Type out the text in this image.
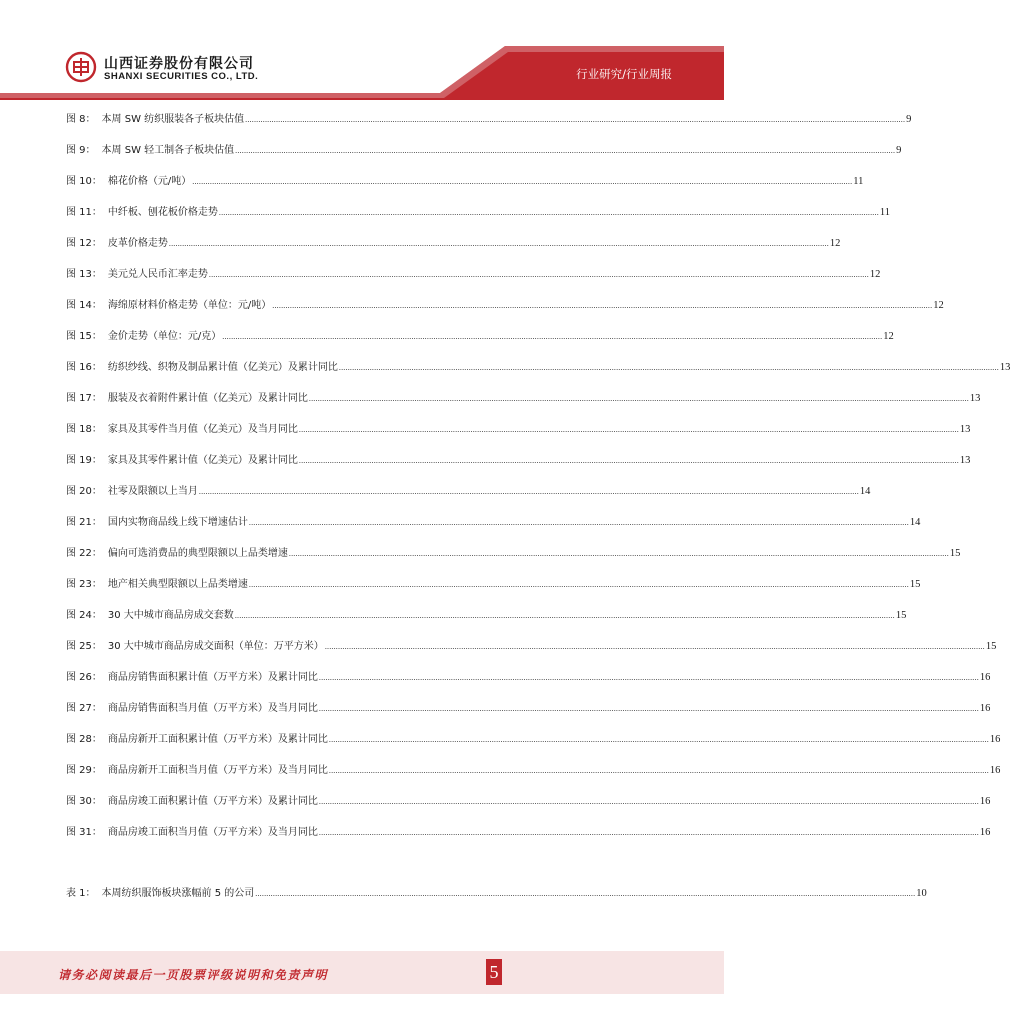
山西证券股份有限公司
SHANXI SECURITIES CO., LTD.	行业研究/行业周报
图 8： 本周 SW 纺织服装各子板块估值 ............................................................................................................................................................................................................................................................................................................ 9
图 9： 本周 SW 轻工制各子板块估值 ............................................................................................................................................................................................................................................................................................................ 9
图 10： 棉花价格（元/吨） ............................................................................................................................................................................................................................................................................................................ 11
图 11： 中纤板、刨花板价格走势 ............................................................................................................................................................................................................................................................................................................ 11
图 12： 皮革价格走势 ............................................................................................................................................................................................................................................................................................................ 12
图 13： 美元兑人民币汇率走势 ............................................................................................................................................................................................................................................................................................................ 12
图 14： 海绵原材料价格走势（单位：元/吨） ............................................................................................................................................................................................................................................................................................................ 12
图 15： 金价走势（单位：元/克） ............................................................................................................................................................................................................................................................................................................ 12
图 16： 纺织纱线、织物及制品累计值（亿美元）及累计同比 ............................................................................................................................................................................................................................................................................................................ 13
图 17： 服装及衣着附件累计值（亿美元）及累计同比 ............................................................................................................................................................................................................................................................................................................ 13
图 18： 家具及其零件当月值（亿美元）及当月同比 ............................................................................................................................................................................................................................................................................................................ 13
图 19： 家具及其零件累计值（亿美元）及累计同比 ............................................................................................................................................................................................................................................................................................................ 13
图 20： 社零及限额以上当月 ............................................................................................................................................................................................................................................................................................................ 14
图 21： 国内实物商品线上线下增速估计 ............................................................................................................................................................................................................................................................................................................ 14
图 22： 偏向可选消费品的典型限额以上品类增速 ............................................................................................................................................................................................................................................................................................................ 15
图 23： 地产相关典型限额以上品类增速 ............................................................................................................................................................................................................................................................................................................ 15
图 24： 30 大中城市商品房成交套数 ............................................................................................................................................................................................................................................................................................................ 15
图 25： 30 大中城市商品房成交面积（单位：万平方米） ............................................................................................................................................................................................................................................................................................................ 15
图 26： 商品房销售面积累计值（万平方米）及累计同比 ............................................................................................................................................................................................................................................................................................................ 16
图 27： 商品房销售面积当月值（万平方米）及当月同比 ............................................................................................................................................................................................................................................................................................................ 16
图 28： 商品房新开工面积累计值（万平方米）及累计同比 ............................................................................................................................................................................................................................................................................................................ 16
图 29： 商品房新开工面积当月值（万平方米）及当月同比 ............................................................................................................................................................................................................................................................................................................ 16
图 30： 商品房竣工面积累计值（万平方米）及累计同比 ............................................................................................................................................................................................................................................................................................................ 16
图 31： 商品房竣工面积当月值（万平方米）及当月同比 ............................................................................................................................................................................................................................................................................................................ 16
表 1： 本周纺织服饰板块涨幅前 5 的公司 ............................................................................................................................................................................................................................................................................................................ 10
请务必阅读最后一页股票评级说明和免责声明	5
